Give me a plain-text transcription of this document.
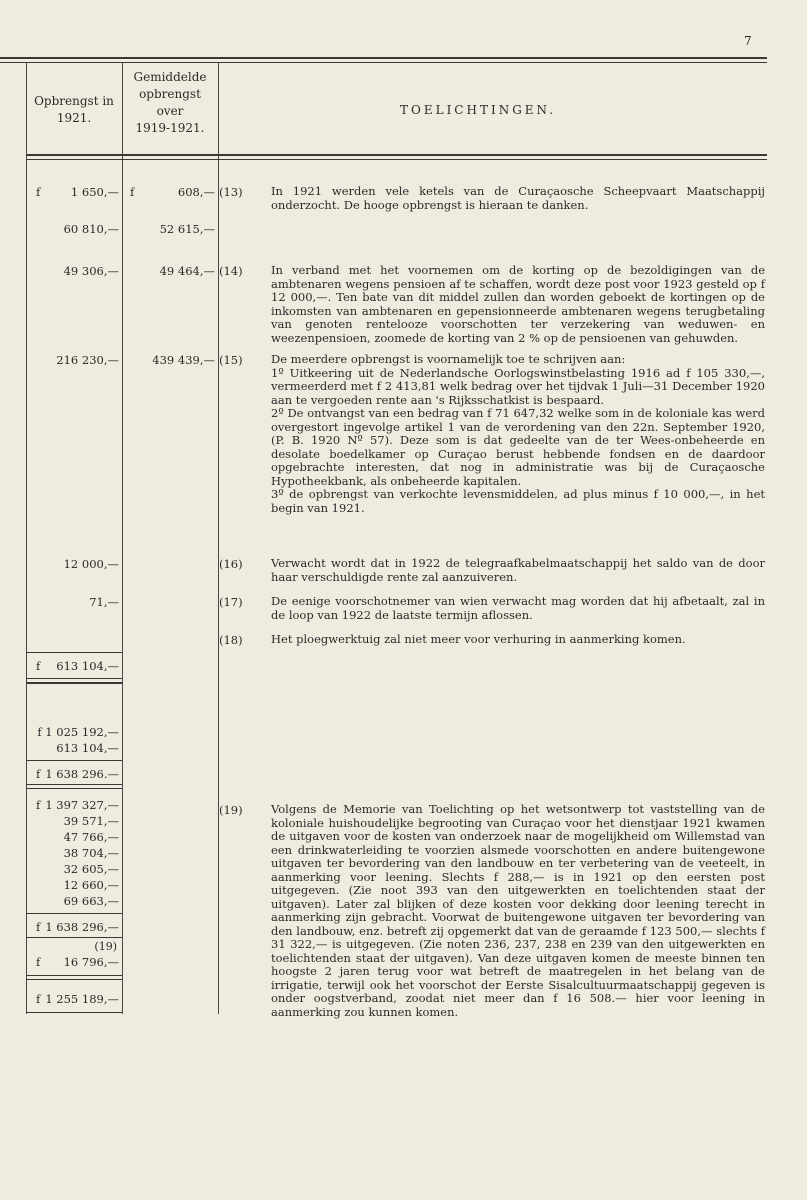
7
Opbrengst in
1921.
Gemiddelde
opbrengst
over
1919-1921.
TOELICHTINGEN.
f	1 650,— f	608,— (13) In 1921 werden vele ketels van de Curaçaosche Scheepvaart Maatschappij onderzocht. De hooge opbrengst is hieraan te danken.

60 810,—	52 615,—
49 306,—	49 464,— (14) In verband met het voornemen om de korting op de bezoldigingen van de ambtenaren wegens pensioen af te schaffen, wordt deze post voor 1923 gesteld op f 12 000,—. Ten bate van dit middel zullen dan worden geboekt de kortingen op de inkomsten van ambtenaren en gepensionneerde ambtenaren wegens terugbetaling van genoten rentelooze voorschotten ter verzekering van weduwen- en weezenpensioen, zoomede de korting van 2 % op de pensioenen van gehuwden.

216 230,—	439 439,— (15) De meerdere opbrengst is voornamelijk toe te schrijven aan:

1º Uitkeering uit de Nederlandsche Oorlogswinstbelasting 1916 ad f 105 330,—, vermeerderd met f 2 413,81 welk bedrag over het tijdvak 1 Juli—31 December 1920 aan te vergoeden rente aan 's Rijksschatkist is bespaard.

2º De ontvangst van een bedrag van f 71 647,32 welke som in de koloniale kas werd overgestort ingevolge artikel 1 van de verordening van den 22n. September 1920, (P. B. 1920 Nº 57). Deze som is dat gedeelte van de ter Wees-onbeheerde en desolate boedelkamer op Curaçao berust hebbende fondsen en de daardoor opgebrachte interesten, dat nog in administratie was bij de Curaçaosche Hypotheekbank, als onbeheerde kapitalen.

3º de opbrengst van verkochte levensmiddelen, ad plus minus f 10 000,—, in het begin van 1921.

12 000,—	(16) Verwacht wordt dat in 1922 de telegraafkabelmaatschappij het saldo van de door haar verschuldigde rente zal aanzuiveren.

71,—	(17) De eenige voorschotnemer van wien verwacht mag worden dat hij afbetaalt, zal in de loop van 1922 de laatste termijn aflossen.

(18) Het ploegwerktuig zal niet meer voor verhuring in aanmerking komen.

f 613 104,—
f 1 025 192,—
613 104,—
f 1 638 296.—
f 1 397 327,—
39 571,—
47 766,—
38 704,—
32 605,—
12 660,—
69 663,—
f 1 638 296,—
(19)
f 16 796,—
f 1 255 189,—
(19) Volgens de Memorie van Toelichting op het wetsontwerp tot vaststelling van de koloniale huishoudelijke begrooting van Curaçao voor het dienstjaar 1921 kwamen de uitgaven voor de kosten van onderzoek naar de mogelijkheid om Willemstad van een drinkwaterleiding te voorzien alsmede voorschotten en andere buitengewone uitgaven ter bevordering van den landbouw en ter verbetering van de veeteelt, in aanmerking voor leening. Slechts f 288,— is in 1921 op den eersten post uitgegeven. (Zie noot 393 van den uitgewerkten en toelichtenden staat der uitgaven). Later zal blijken of deze kosten voor dekking door leening terecht in aanmerking zijn gebracht. Voorwat de buitengewone uitgaven ter bevordering van den landbouw, enz. betreft zij opgemerkt dat van de geraamde f 123 500,— slechts f 31 322,— is uitgegeven. (Zie noten 236, 237, 238 en 239 van den uitgewerkten en toelichtenden staat der uitgaven). Van deze uitgaven komen de meeste binnen ten hoogste 2 jaren terug voor wat betreft de maatregelen in het belang van de irrigatie, terwijl ook het voorschot der Eerste Sisalcultuurmaatschappij gegeven is onder oogstverband, zoodat niet meer dan f 16 508.— hier voor leening in aanmerking zou kunnen komen.
